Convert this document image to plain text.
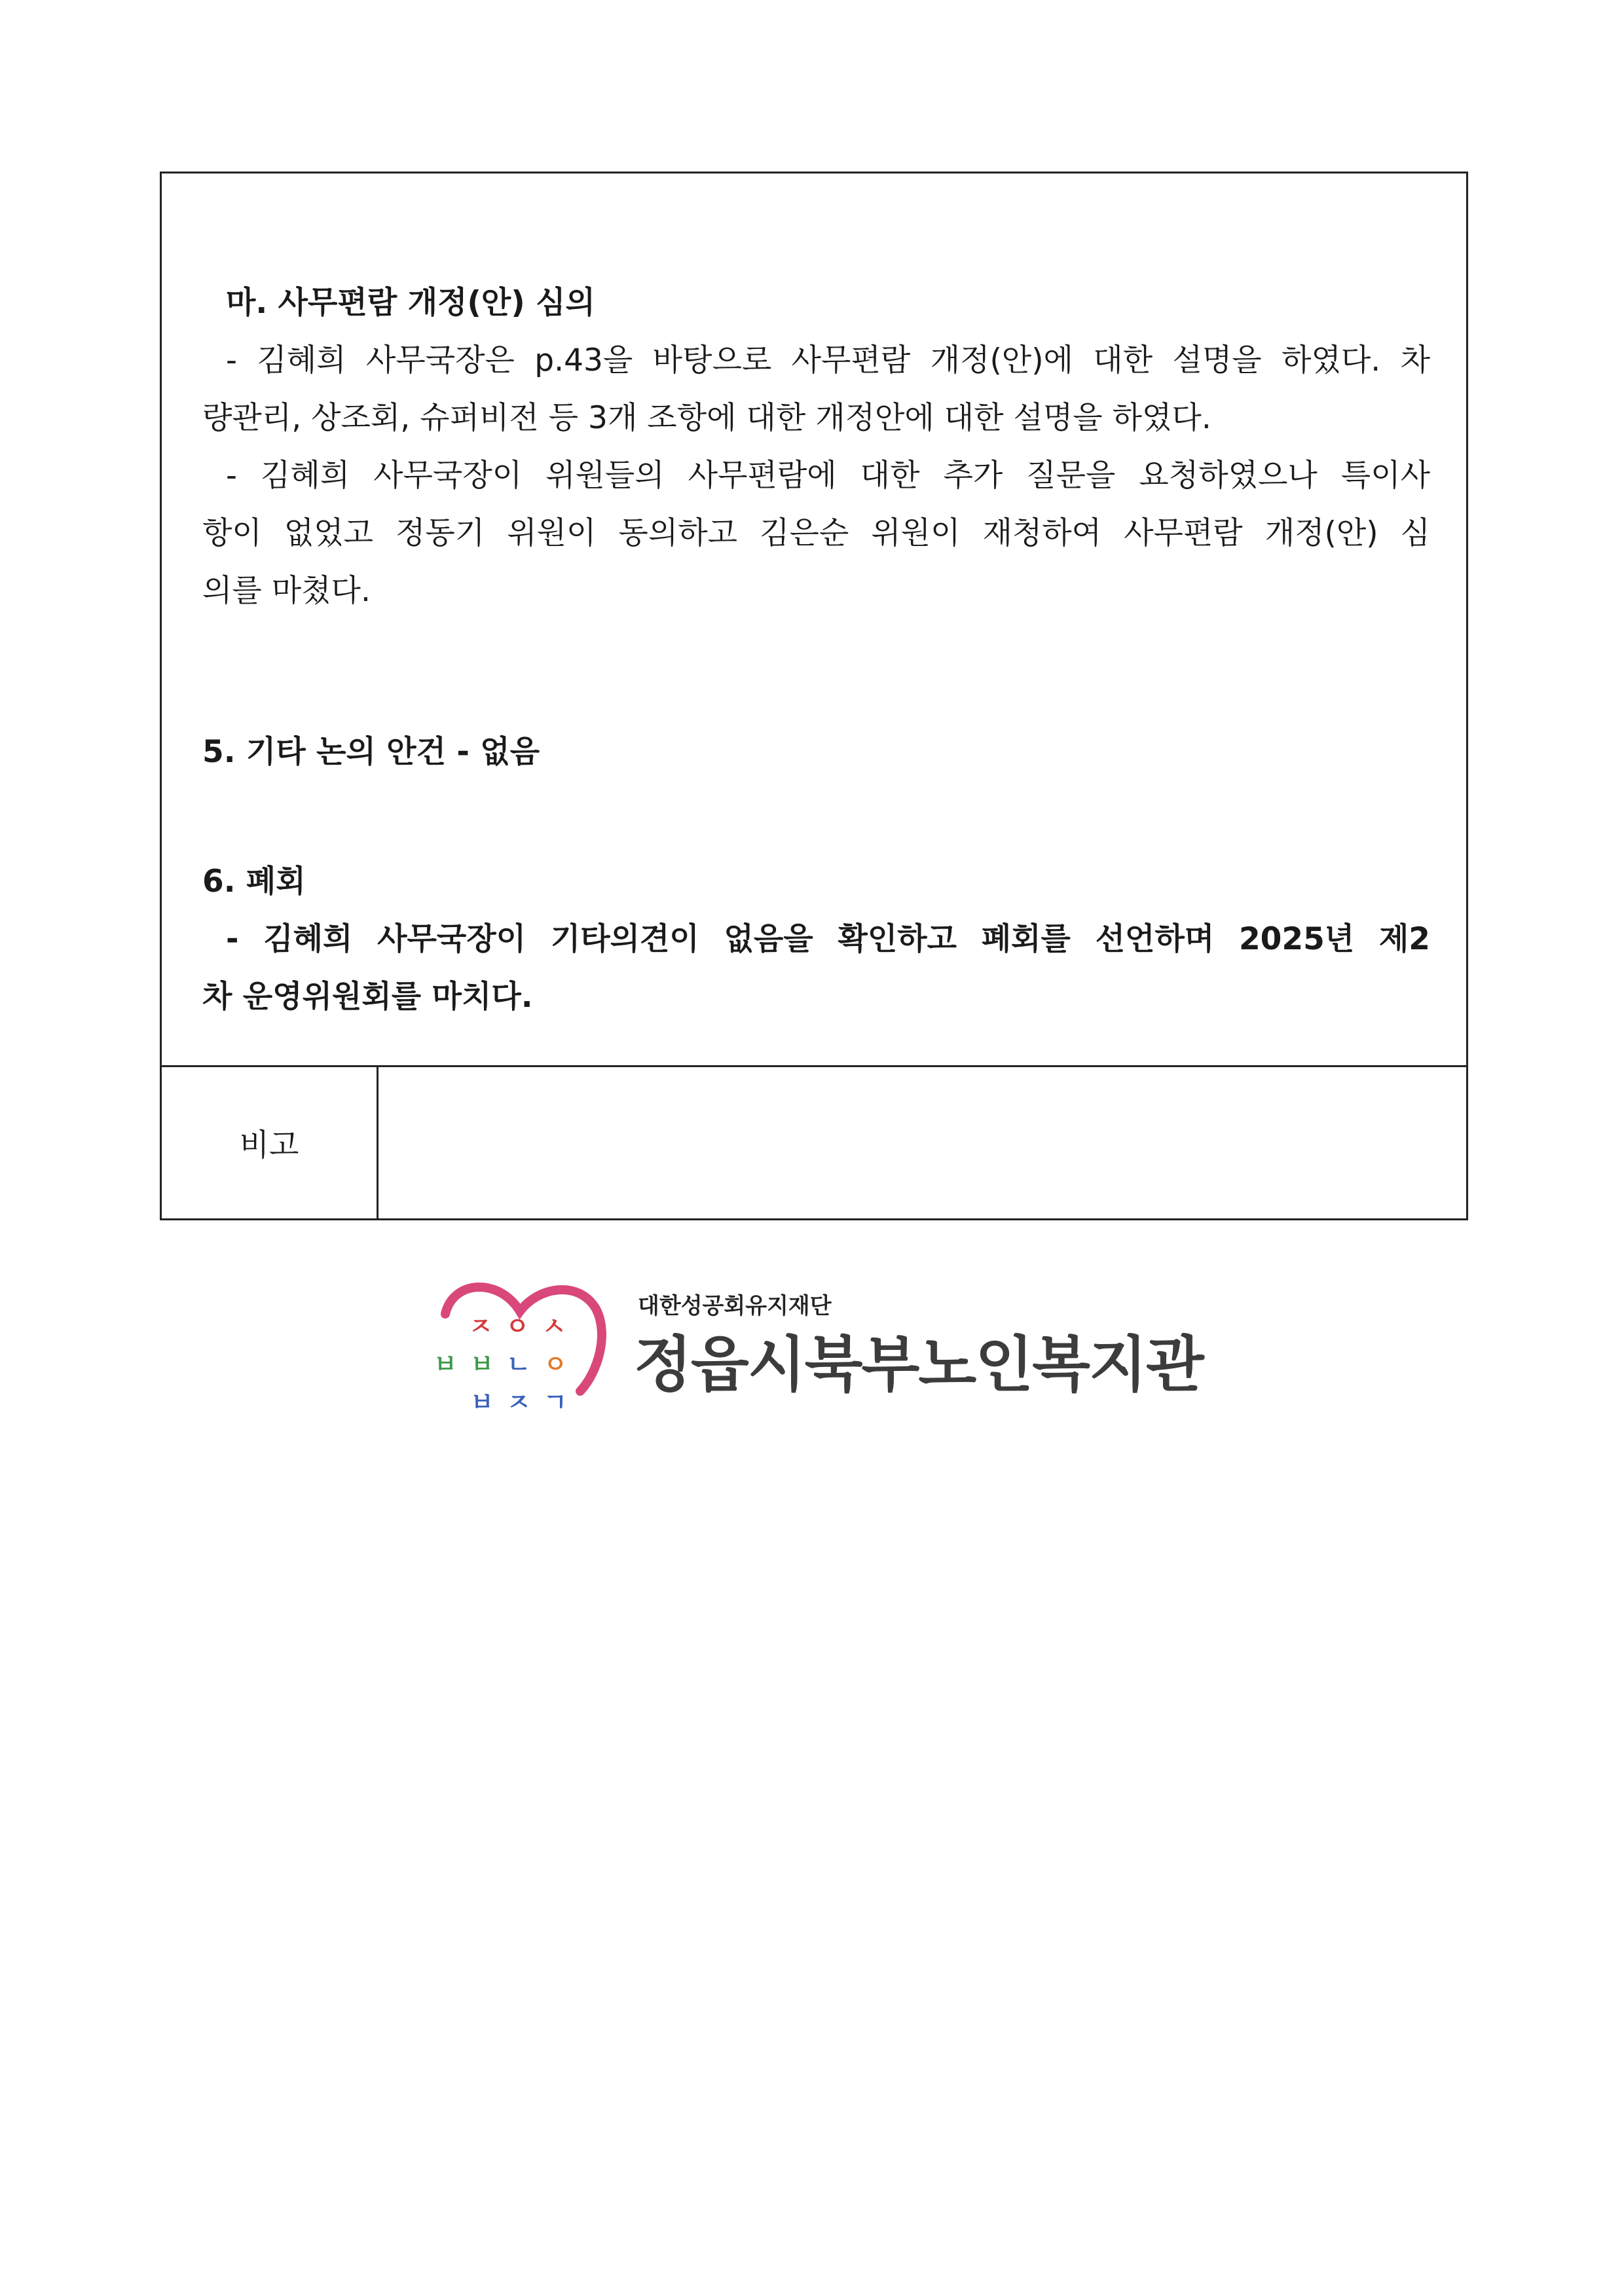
마. 사무편람 개정(안) 심의
- 김혜희 사무국장은 p.43을 바탕으로 사무편람 개정(안)에 대한 설명을 하였다. 차
량관리, 상조회, 슈퍼비전 등 3개 조항에 대한 개정안에 대한 설명을 하였다.
- 김혜희 사무국장이 위원들의 사무편람에 대한 추가 질문을 요청하였으나 특이사
항이 없었고 정동기 위원이 동의하고 김은순 위원이 재청하여 사무편람 개정(안) 심
의를 마쳤다.
5. 기타 논의 안건 - 없음
6. 폐회
- 김혜희 사무국장이 기타의견이 없음을 확인하고 폐회를 선언하며 2025년 제2
차 운영위원회를 마치다.
비고
ㅈ ㅇ ㅅ
ㅂ ㅂ ㄴ ㅇ
ㅂ ㅈ ㄱ
대한성공회유지재단
정읍시북부노인복지관
